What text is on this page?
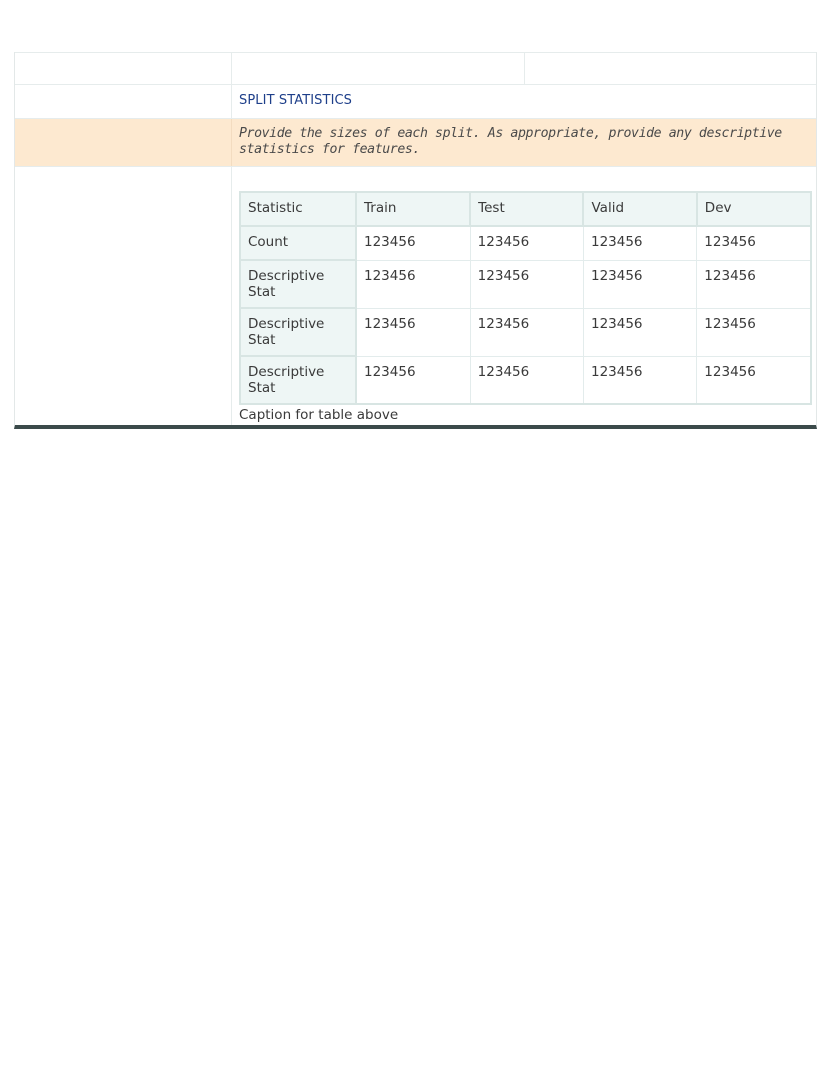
SPLIT STATISTICS
Provide the sizes of each split. As appropriate, provide any descriptive statistics for features.
Statistic	Train	Test	Valid	Dev
Count	123456	123456	123456	123456
Descriptive Stat	123456	123456	123456	123456
Descriptive Stat	123456	123456	123456	123456
Descriptive Stat	123456	123456	123456	123456
Caption for table above
